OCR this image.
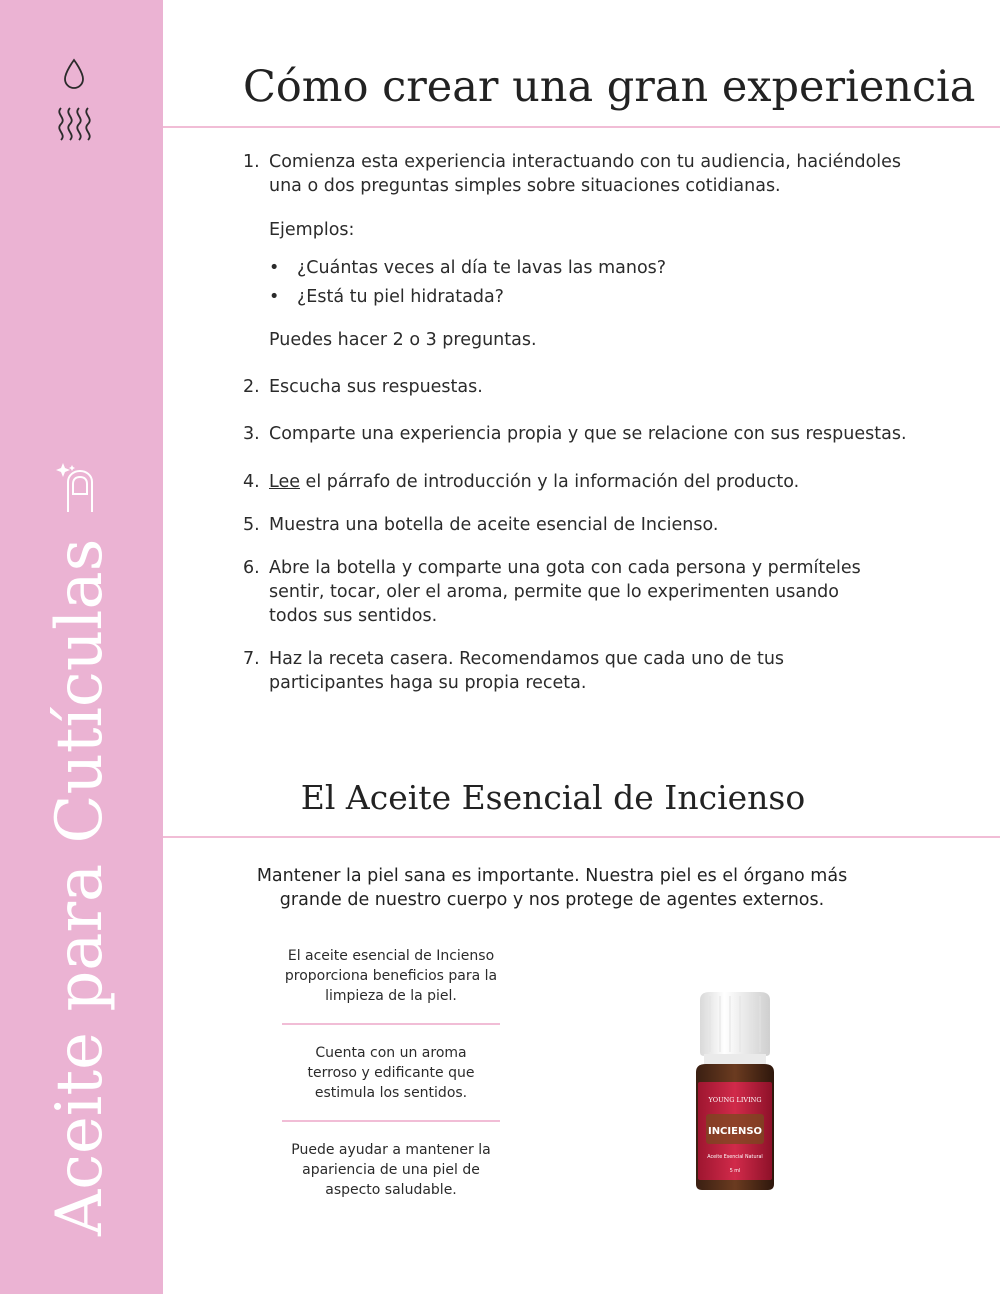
Aceite para Cutículas
Cómo crear una gran experiencia
1. Comienza esta experiencia interactuando con tu audiencia, haciéndoles una o dos preguntas simples sobre situaciones cotidianas.

Ejemplos:

• ¿Cuántas veces al día te lavas las manos?
• ¿Está tu piel hidratada?

Puedes hacer 2 o 3 preguntas.

2. Escucha sus respuestas.

3. Comparte una experiencia propia y que se relacione con sus respuestas.

4. Lee el párrafo de introducción y la información del producto.

5. Muestra una botella de aceite esencial de Incienso.

6. Abre la botella y comparte una gota con cada persona y permíteles sentir, tocar, oler el aroma, permite que lo experimenten usando todos sus sentidos.

7. Haz la receta casera. Recomendamos que cada uno de tus participantes haga su propia receta.

El Aceite Esencial de Incienso

Mantener la piel sana es importante. Nuestra piel es el órgano más grande de nuestro cuerpo y nos protege de agentes externos.

El aceite esencial de Incienso proporciona beneficios para la limpieza de la piel.

Cuenta con un aroma terroso y edificante que estimula los sentidos.

Puede ayudar a mantener la apariencia de una piel de aspecto saludable.

YOUNG LIVING
INCIENSO
Aceite Esencial Natural
5 ml
